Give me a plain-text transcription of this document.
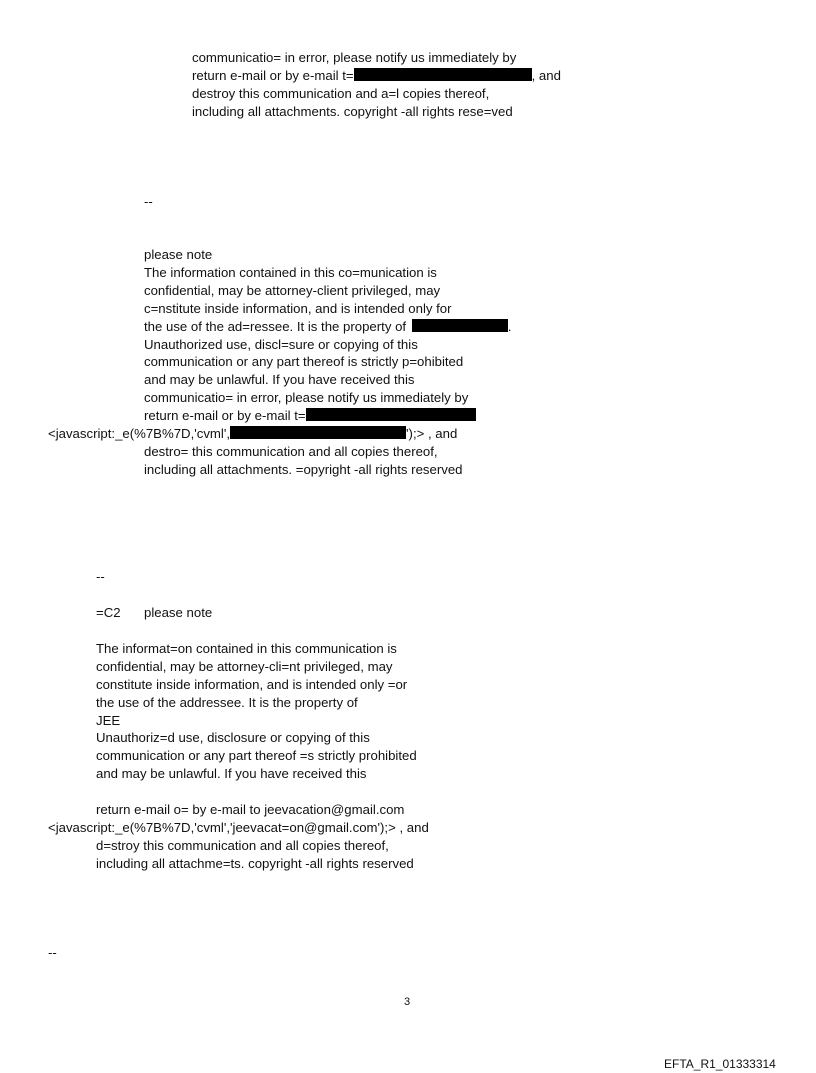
communicatio= in error, please notify us immediately by
return e-mail or by e-mail t=	, and
destroy this communication and a=l copies thereof,
including all attachments. copyright -all rights rese=ved
--
please note
The information contained in this co=munication is
confidential, may be attorney-client privileged, may
c=nstitute inside information, and is intended only for
the use of the ad=ressee. It is the property of	.
Unauthorized use, discl=sure or copying of this
communication or any part thereof is strictly p=ohibited
and may be unlawful. If you have received this
communicatio= in error, please notify us immediately by
return e-mail or by e-mail t=
<javascript:_e(%7B%7D,'cvml',	');> , and
destro= this communication and all copies thereof,
including all attachments. =opyright -all rights reserved
--
=C2 please note
The informat=on contained in this communication is
confidential, may be attorney-cli=nt privileged, may
constitute inside information, and is intended only =or
the use of the addressee. It is the property of
JEE
Unauthoriz=d use, disclosure or copying of this
communication or any part thereof =s strictly prohibited
and may be unlawful. If you have received this
return e-mail o= by e-mail to jeevacation@gmail.com
<javascript:_e(%7B%7D,'cvml','jeevacat=on@gmail.com');> , and
d=stroy this communication and all copies thereof,
including all attachme=ts. copyright -all rights reserved
--
3
EFTA_R1_01333314
